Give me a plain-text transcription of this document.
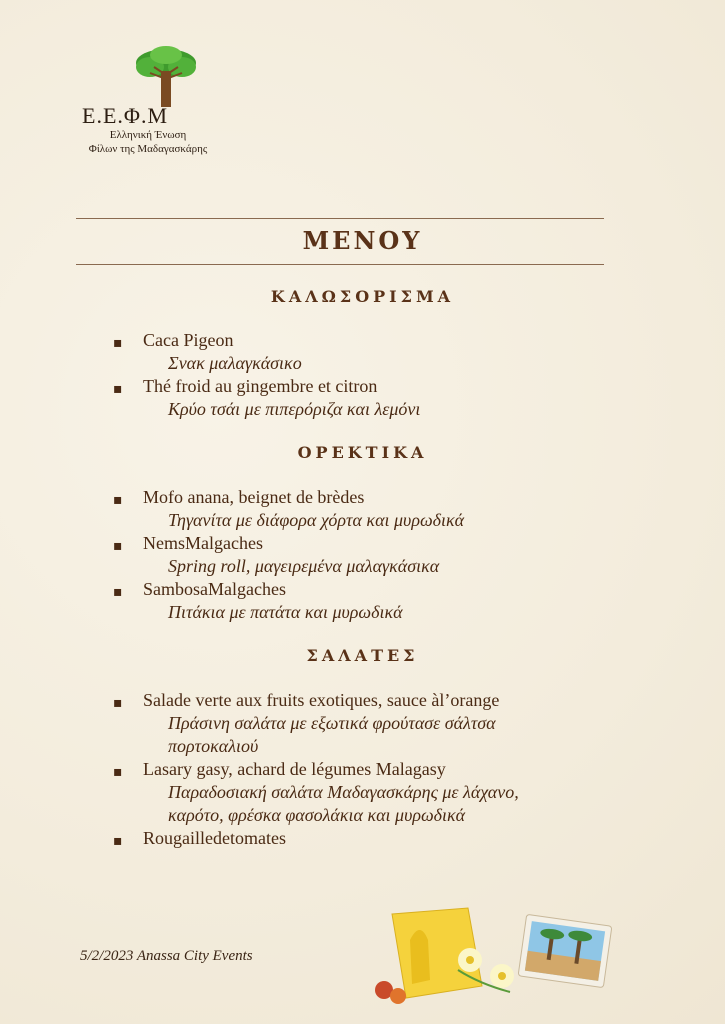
Ε.Ε.Φ.Μ
Ελληνική Ένωση
Φίλων της Μαδαγασκάρης
ΜΕΝΟΥ
ΚΑΛΩΣΟΡΙΣΜΑ
▪ Caca Pigeon
Σνακ μαλαγκάσικο
▪ Thé froid au gingembre et citron
Κρύο τσάι με πιπερόριζα και λεμόνι
ΟΡΕΚΤΙΚΑ
▪ Mofo anana, beignet de brèdes
Τηγανίτα με διάφορα χόρτα και μυρωδικά
▪ NemsMalgaches
Spring roll, μαγειρεμένα μαλαγκάσικα
▪ SambosaMalgaches
Πιτάκια με πατάτα και μυρωδικά
ΣΑΛΑΤΕΣ
▪ Salade verte aux fruits exotiques, sauce àl’orange
Πράσινη σαλάτα με εξωτικά φρούτασε σάλτσα
πορτοκαλιού
▪ Lasary gasy, achard de légumes Malagasy
Παραδοσιακή σαλάτα Μαδαγασκάρης με λάχανο,
καρότο, φρέσκα φασολάκια και μυρωδικά
▪ Rougailledetomates
5/2/2023 Anassa City Events
